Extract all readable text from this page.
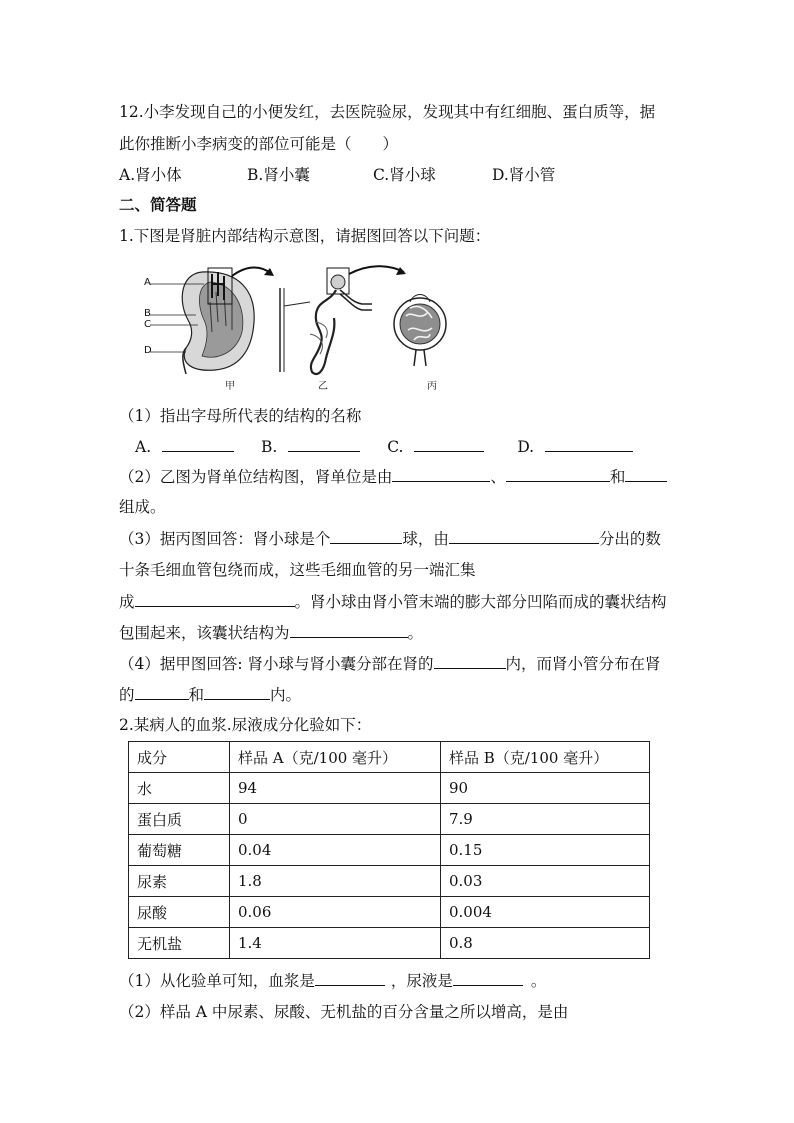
12.小李发现自己的小便发红，去医院验尿，发现其中有红细胞、蛋白质等，据
此你推断小李病变的部位可能是（　　）
A.肾小体	B.肾小囊	C.肾小球	D.肾小管
二、简答题
1.下图是肾脏内部结构示意图，请据图回答以下问题：
A
B
C
D
甲	乙	丙
（1）指出字母所代表的结构的名称
A.	B.	C.	D.
（2）乙图为肾单位结构图，肾单位是由	、	和
组成。
（3）据丙图回答：肾小球是个	球，由	分出的数
十条毛细血管包绕而成，这些毛细血管的另一端汇集
成	。肾小球由肾小管末端的膨大部分凹陷而成的囊状结构
包围起来，该囊状结构为	。
（4）据甲图回答: 肾小球与肾小囊分部在肾的	内，而肾小管分布在肾
的	和	内。
2.某病人的血浆.尿液成分化验如下：
成分	样品 A（克/100 毫升）	样品 B（克/100 毫升）
水	94	90
蛋白质	0	7.9
葡萄糖	0.04	0.15
尿素	1.8	0.03
尿酸	0.06	0.004
无机盐	1.4	0.8
（1）从化验单可知，血浆是	，尿液是	。
（2）样品 A 中尿素、尿酸、无机盐的百分含量之所以增高，是由
